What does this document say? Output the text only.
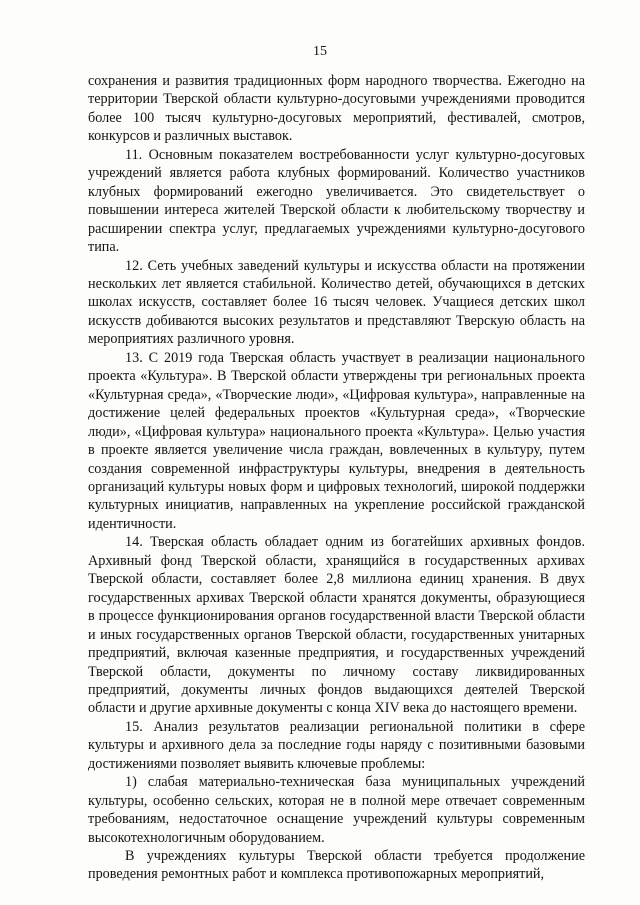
15

сохранения и развития традиционных форм народного творчества. Ежегодно на территории Тверской области культурно-досуговыми учреждениями проводится более 100 тысяч культурно-досуговых мероприятий, фестивалей, смотров, конкурсов и различных выставок.

11. Основным показателем востребованности услуг культурно-досуговых учреждений является работа клубных формирований. Количество участников клубных формирований ежегодно увеличивается. Это свидетельствует о повышении интереса жителей Тверской области к любительскому творчеству и расширении спектра услуг, предлагаемых учреждениями культурно-досугового типа.

12. Сеть учебных заведений культуры и искусства области на протяжении нескольких лет является стабильной. Количество детей, обучающихся в детских школах искусств, составляет более 16 тысяч человек. Учащиеся детских школ искусств добиваются высоких результатов и представляют Тверскую область на мероприятиях различного уровня.

13. С 2019 года Тверская область участвует в реализации национального проекта «Культура». В Тверской области утверждены три региональных проекта «Культурная среда», «Творческие люди», «Цифровая культура», направленные на достижение целей федеральных проектов «Культурная среда», «Творческие люди», «Цифровая культура» национального проекта «Культура». Целью участия в проекте является увеличение числа граждан, вовлеченных в культуру, путем создания современной инфраструктуры культуры, внедрения в деятельность организаций культуры новых форм и цифровых технологий, широкой поддержки культурных инициатив, направленных на укрепление российской гражданской идентичности.

14. Тверская область обладает одним из богатейших архивных фондов. Архивный фонд Тверской области, хранящийся в государственных архивах Тверской области, составляет более 2,8 миллиона единиц хранения. В двух государственных архивах Тверской области хранятся документы, образующиеся в процессе функционирования органов государственной власти Тверской области и иных государственных органов Тверской области, государственных унитарных предприятий, включая казенные предприятия, и государственных учреждений Тверской области, документы по личному составу ликвидированных предприятий, документы личных фондов выдающихся деятелей Тверской области и другие архивные документы с конца XIV века до настоящего времени.

15. Анализ результатов реализации региональной политики в сфере культуры и архивного дела за последние годы наряду с позитивными базовыми достижениями позволяет выявить ключевые проблемы:

1) слабая материально-техническая база муниципальных учреждений культуры, особенно сельских, которая не в полной мере отвечает современным требованиям, недостаточное оснащение учреждений культуры современным высокотехнологичным оборудованием.

В учреждениях культуры Тверской области требуется продолжение проведения ремонтных работ и комплекса противопожарных мероприятий,
